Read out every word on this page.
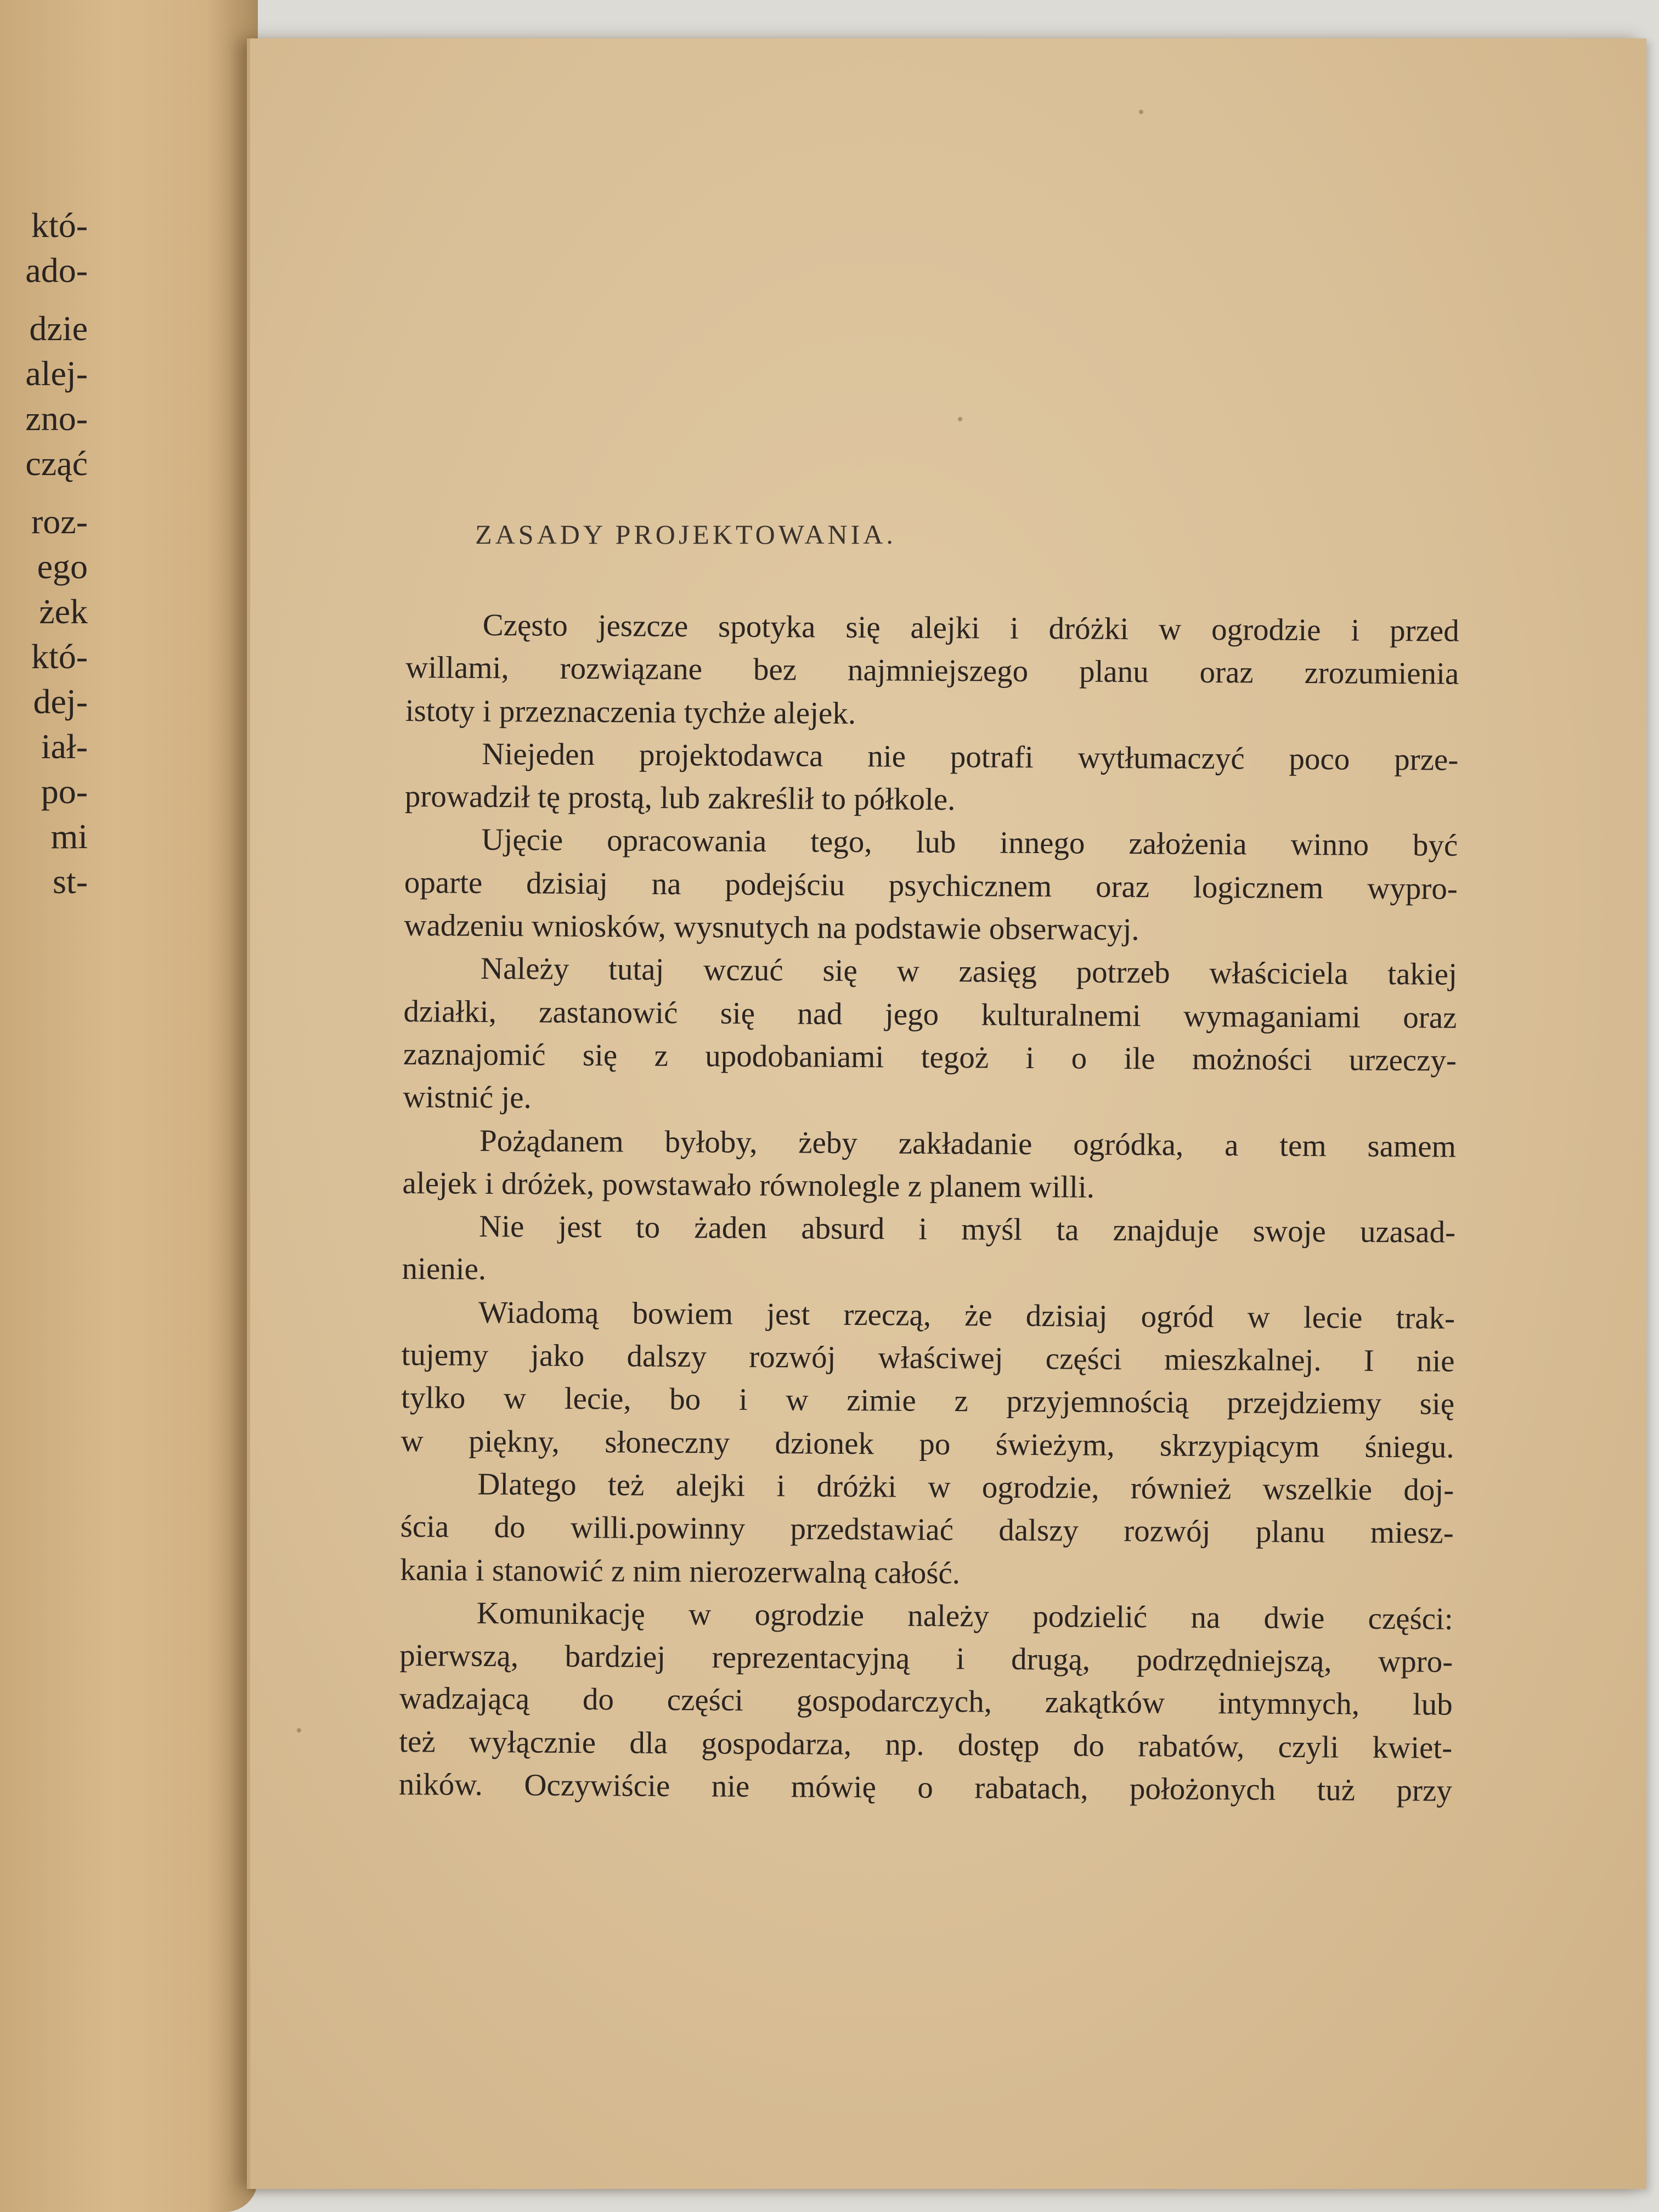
któ-
ado-
dzie
alej-
zno-
cząć
roz-
ego
żek
któ-
dej-
iał-
po-
mi
st-
ZASADY PROJEKTOWANIA.
Często jeszcze spotyka się alejki i dróżki w ogrodzie i przed
willami, rozwiązane bez najmniejszego planu oraz zrozumienia
istoty i przeznaczenia tychże alejek.
Niejeden projektodawca nie potrafi wytłumaczyć poco prze-
prowadził tę prostą, lub zakreślił to półkole.
Ujęcie opracowania tego, lub innego założenia winno być
oparte dzisiaj na podejściu psychicznem oraz logicznem wypro-
wadzeniu wniosków, wysnutych na podstawie obserwacyj.
Należy tutaj wczuć się w zasięg potrzeb właściciela takiej
działki, zastanowić się nad jego kulturalnemi wymaganiami oraz
zaznajomić się z upodobaniami tegoż i o ile możności urzeczy-
wistnić je.
Pożądanem byłoby, żeby zakładanie ogródka, a tem samem
alejek i dróżek, powstawało równolegle z planem willi.
Nie jest to żaden absurd i myśl ta znajduje swoje uzasad-
nienie.
Wiadomą bowiem jest rzeczą, że dzisiaj ogród w lecie trak-
tujemy jako dalszy rozwój właściwej części mieszkalnej. I nie
tylko w lecie, bo i w zimie z przyjemnością przejdziemy się
w piękny, słoneczny dzionek po świeżym, skrzypiącym śniegu.
Dlatego też alejki i dróżki w ogrodzie, również wszelkie doj-
ścia do willi.powinny przedstawiać dalszy rozwój planu miesz-
kania i stanowić z nim nierozerwalną całość.
Komunikację w ogrodzie należy podzielić na dwie części:
pierwszą, bardziej reprezentacyjną i drugą, podrzędniejszą, wpro-
wadzającą do części gospodarczych, zakątków intymnych, lub
też wyłącznie dla gospodarza, np. dostęp do rabatów, czyli kwiet-
ników. Oczywiście nie mówię o rabatach, położonych tuż przy
